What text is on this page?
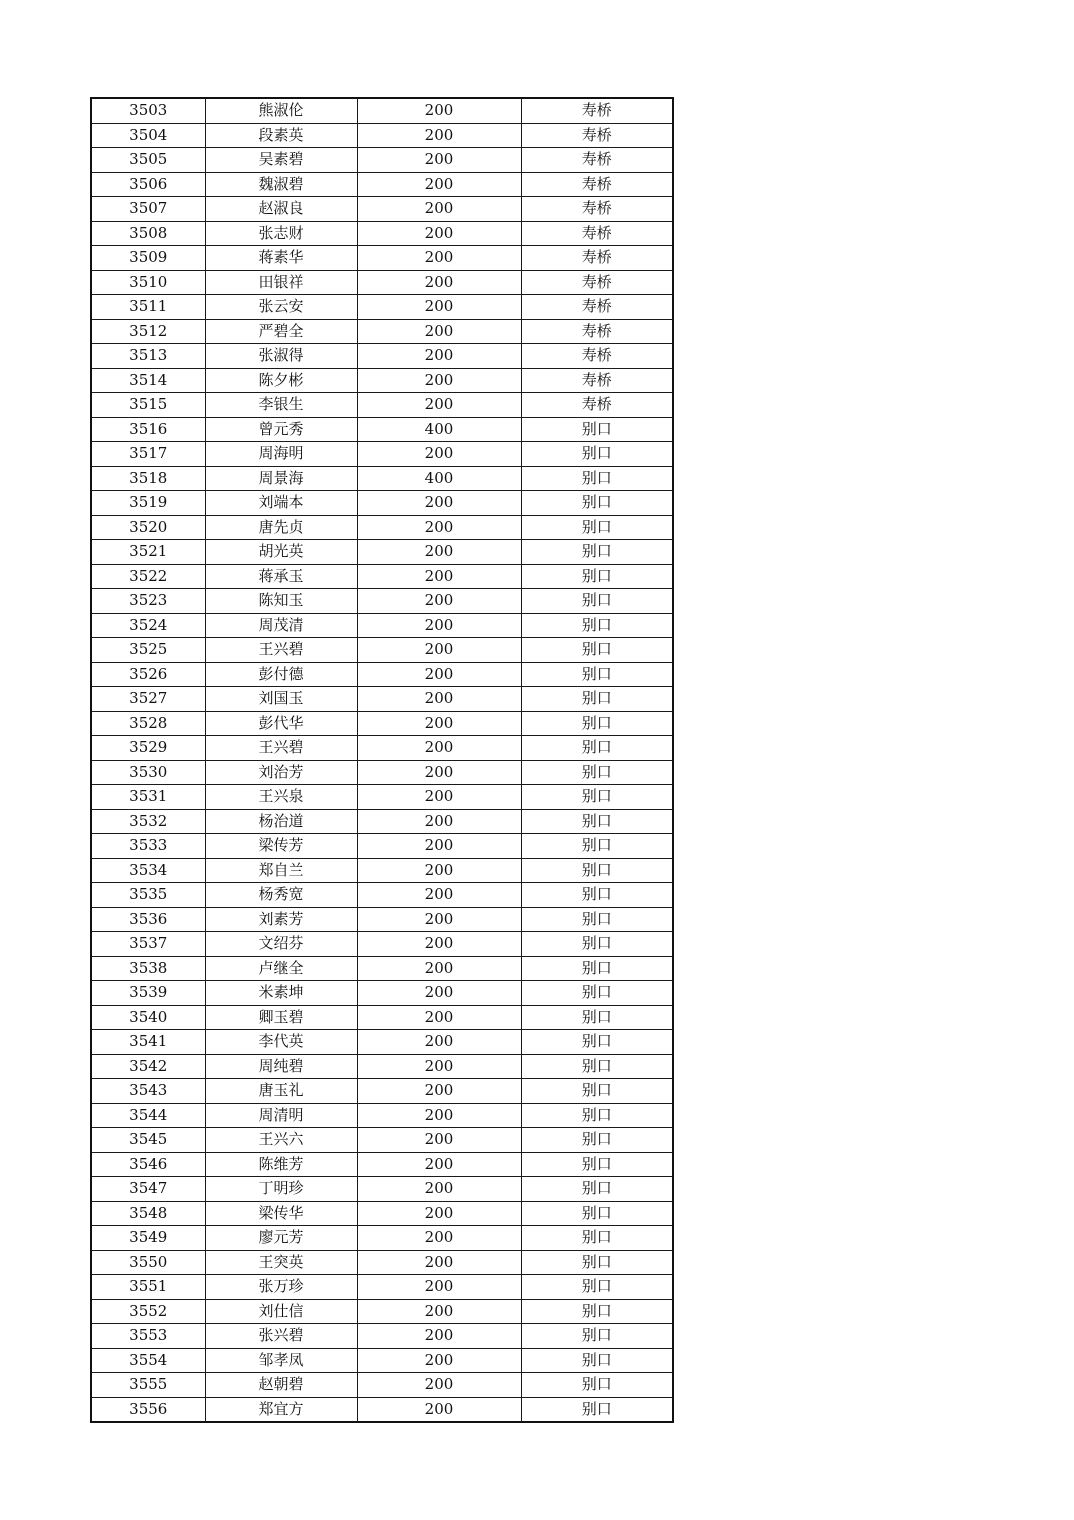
3503	熊淑伦	200	寿桥
3504	段素英	200	寿桥
3505	吴素碧	200	寿桥
3506	魏淑碧	200	寿桥
3507	赵淑良	200	寿桥
3508	张志财	200	寿桥
3509	蒋素华	200	寿桥
3510	田银祥	200	寿桥
3511	张云安	200	寿桥
3512	严碧全	200	寿桥
3513	张淑得	200	寿桥
3514	陈夕彬	200	寿桥
3515	李银生	200	寿桥
3516	曾元秀	400	别口
3517	周海明	200	别口
3518	周景海	400	别口
3519	刘端本	200	别口
3520	唐先贞	200	别口
3521	胡光英	200	别口
3522	蒋承玉	200	别口
3523	陈知玉	200	别口
3524	周茂清	200	别口
3525	王兴碧	200	别口
3526	彭付德	200	别口
3527	刘国玉	200	别口
3528	彭代华	200	别口
3529	王兴碧	200	别口
3530	刘治芳	200	别口
3531	王兴泉	200	别口
3532	杨治道	200	别口
3533	梁传芳	200	别口
3534	郑自兰	200	别口
3535	杨秀宽	200	别口
3536	刘素芳	200	别口
3537	文绍芬	200	别口
3538	卢继全	200	别口
3539	米素坤	200	别口
3540	卿玉碧	200	别口
3541	李代英	200	别口
3542	周纯碧	200	别口
3543	唐玉礼	200	别口
3544	周清明	200	别口
3545	王兴六	200	别口
3546	陈维芳	200	别口
3547	丁明珍	200	别口
3548	梁传华	200	别口
3549	廖元芳	200	别口
3550	王突英	200	别口
3551	张万珍	200	别口
3552	刘仕信	200	别口
3553	张兴碧	200	别口
3554	邹孝凤	200	别口
3555	赵朝碧	200	别口
3556	郑宜方	200	别口
